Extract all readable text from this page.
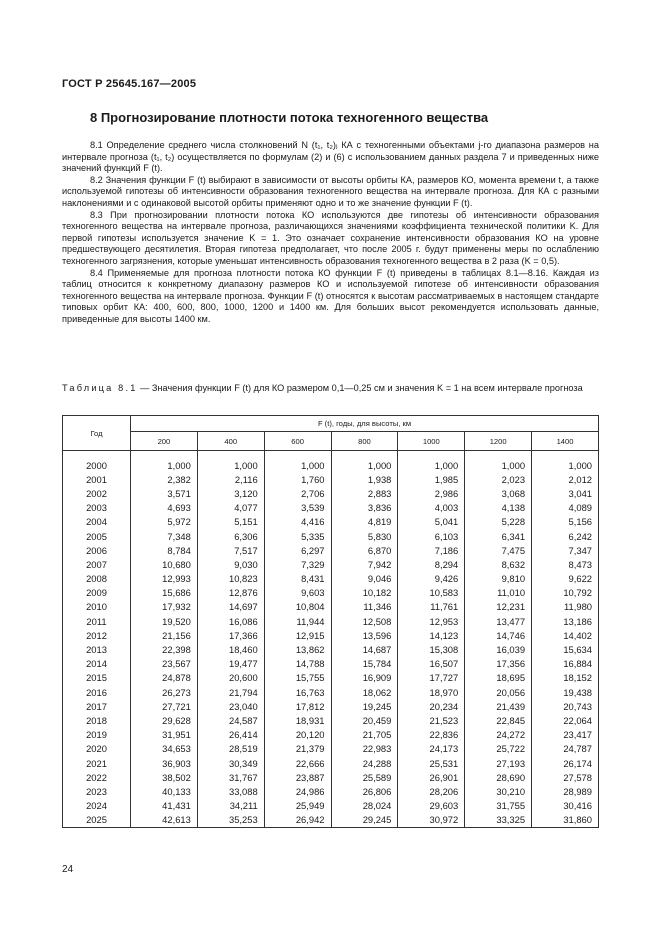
ГОСТ Р 25645.167—2005
8 Прогнозирование плотности потока техногенного вещества

8.1 Определение среднего числа столкновений N (t₁, t₂)ⱼ КА с техногенными объектами j-го диапазона размеров на интервале прогноза (t₁, t₂) осуществляется по формулам (2) и (6) с использованием данных раздела 7 и приведенных ниже значений функций F (t).

8.2 Значения функции F (t) выбирают в зависимости от высоты орбиты КА, размеров КО, момента времени t, а также используемой гипотезы об интенсивности образования техногенного вещества на интервале прогноза. Для КА с разными наклонениями и с одинаковой высотой орбиты применяют одно и то же значение функции F (t).

8.3 При прогнозировании плотности потока КО используются две гипотезы об интенсивности образования техногенного вещества на интервале прогноза, различающихся значениями коэффициента технической политики K. Для первой гипотезы используется значение K = 1. Это означает сохранение интенсивности образования КО на уровне предшествующего десятилетия. Вторая гипотеза предполагает, что после 2005 г. будут применены меры по ослаблению техногенного загрязнения, которые уменьшат интенсивность образования техногенного вещества в 2 раза (K = 0,5).

8.4 Применяемые для прогноза плотности потока КО функции F (t) приведены в таблицах 8.1—8.16. Каждая из таблиц относится к конкретному диапазону размеров КО и используемой гипотезе об интенсивности образования техногенного вещества на интервале прогноза. Функции F (t) относятся к высотам рассматриваемых в настоящем стандарте типовых орбит КА: 400, 600, 800, 1000, 1200 и 1400 км. Для больших высот рекомендуется использовать данные, приведенные для высоты 1400 км.

Таблица 8.1 — Значения функции F (t) для КО размером 0,1—0,25 см и значения K = 1 на всем интервале прогноза
Год	F (t), годы, для высоты, км						
	200	400	600	800	1000	1200	1400

2000	1,000	1,000	1,000	1,000	1,000	1,000	1,000
2001	2,382	2,116	1,760	1,938	1,985	2,023	2,012
2002	3,571	3,120	2,706	2,883	2,986	3,068	3,041
2003	4,693	4,077	3,539	3,836	4,003	4,138	4,089
2004	5,972	5,151	4,416	4,819	5,041	5,228	5,156
2005	7,348	6,306	5,335	5,830	6,103	6,341	6,242
2006	8,784	7,517	6,297	6,870	7,186	7,475	7,347
2007	10,680	9,030	7,329	7,942	8,294	8,632	8,473
2008	12,993	10,823	8,431	9,046	9,426	9,810	9,622
2009	15,686	12,876	9,603	10,182	10,583	11,010	10,792
2010	17,932	14,697	10,804	11,346	11,761	12,231	11,980
2011	19,520	16,086	11,944	12,508	12,953	13,477	13,186
2012	21,156	17,366	12,915	13,596	14,123	14,746	14,402
2013	22,398	18,460	13,862	14,687	15,308	16,039	15,634
2014	23,567	19,477	14,788	15,784	16,507	17,356	16,884
2015	24,878	20,600	15,755	16,909	17,727	18,695	18,152
2016	26,273	21,794	16,763	18,062	18,970	20,056	19,438
2017	27,721	23,040	17,812	19,245	20,234	21,439	20,743
2018	29,628	24,587	18,931	20,459	21,523	22,845	22,064
2019	31,951	26,414	20,120	21,705	22,836	24,272	23,417
2020	34,653	28,519	21,379	22,983	24,173	25,722	24,787
2021	36,903	30,349	22,666	24,288	25,531	27,193	26,174
2022	38,502	31,767	23,887	25,589	26,901	28,690	27,578
2023	40,133	33,088	24,986	26,806	28,206	30,210	28,989
2024	41,431	34,211	25,949	28,024	29,603	31,755	30,416
2025	42,613	35,253	26,942	29,245	30,972	33,325	31,860
24
